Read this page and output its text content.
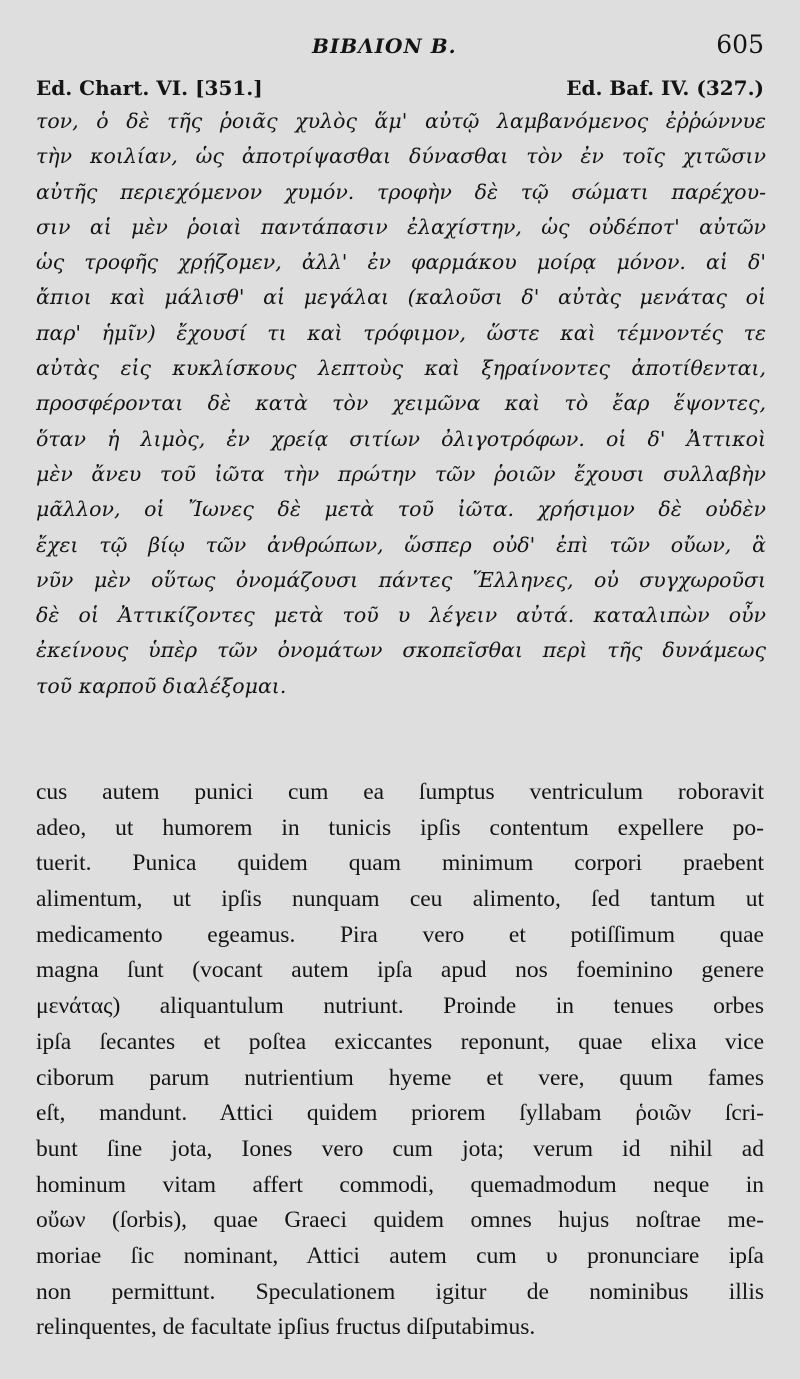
BIBΛΙΟΝ Β.	605
Ed. Chart. VI. [351.]	Ed. Baf. IV. (327.)
τον, ὁ δὲ τῆς ῥοιᾶς χυλὸς ἅμ' αὐτῷ λαμβανόμενος ἐῤῥώννυε
τὴν κοιλίαν, ὡς ἀποτρίψασθαι δύνασθαι τὸν ἐν τοῖς χιτῶσιν
αὐτῆς περιεχόμενον χυμόν. τροφὴν δὲ τῷ σώματι παρέχου-
σιν αἱ μὲν ῥοιαὶ παντάπασιν ἐλαχίστην, ὡς οὐδέποτ' αὐτῶν
ὡς τροφῆς χρῄζομεν, ἀλλ' ἐν φαρμάκου μοίρᾳ μόνον. αἱ δ'
ἄπιοι καὶ μάλισθ' αἱ μεγάλαι (καλοῦσι δ' αὐτὰς μενάτας οἱ
παρ' ἡμῖν) ἔχουσί τι καὶ τρόφιμον, ὥστε καὶ τέμνοντές τε
αὐτὰς εἰς κυκλίσκους λεπτοὺς καὶ ξηραίνοντες ἀποτίθενται,
προσφέρονται δὲ κατὰ τὸν χειμῶνα καὶ τὸ ἔαρ ἕψοντες,
ὅταν ἡ λιμὸς, ἐν χρείᾳ σιτίων ὀλιγοτρόφων. οἱ δ' Ἀττικοὶ
μὲν ἄνευ τοῦ ἰῶτα τὴν πρώτην τῶν ῥοιῶν ἔχουσι συλλαβὴν
μᾶλλον, οἱ Ἴωνες δὲ μετὰ τοῦ ἰῶτα. χρήσιμον δὲ οὐδὲν
ἔχει τῷ βίῳ τῶν ἀνθρώπων, ὥσπερ οὐδ' ἐπὶ τῶν οὔων, ἃ
νῦν μὲν οὕτως ὀνομάζουσι πάντες Ἕλληνες, οὐ συγχωροῦσι
δὲ οἱ Ἀττικίζοντες μετὰ τοῦ υ λέγειν αὐτά. καταλιπὼν οὖν
ἐκείνους ὑπὲρ τῶν ὀνομάτων σκοπεῖσθαι περὶ τῆς δυνάμεως
τοῦ καρποῦ διαλέξομαι.
cus autem punici cum ea ſumptus ventriculum roboravit
adeo, ut humorem in tunicis ipſis contentum expellere po-
tuerit. Punica quidem quam minimum corpori praebent
alimentum, ut ipſis nunquam ceu alimento, ſed tantum ut
medicamento egeamus. Pira vero et potiſſimum quae
magna ſunt (vocant autem ipſa apud nos foeminino genere
μενάτας) aliquantulum nutriunt. Proinde in tenues orbes
ipſa ſecantes et poſtea exiccantes reponunt, quae elixa vice
ciborum parum nutrientium hyeme et vere, quum fames
eſt, mandunt. Attici quidem priorem ſyllabam ῥοιῶν ſcri-
bunt ſine jota, Iones vero cum jota; verum id nihil ad
hominum vitam affert commodi, quemadmodum neque in
οὔων (ſorbis), quae Graeci quidem omnes hujus noſtrae me-
moriae ſic nominant, Attici autem cum υ pronunciare ipſa
non permittunt. Speculationem igitur de nominibus illis
relinquentes, de facultate ipſius fructus diſputabimus.
